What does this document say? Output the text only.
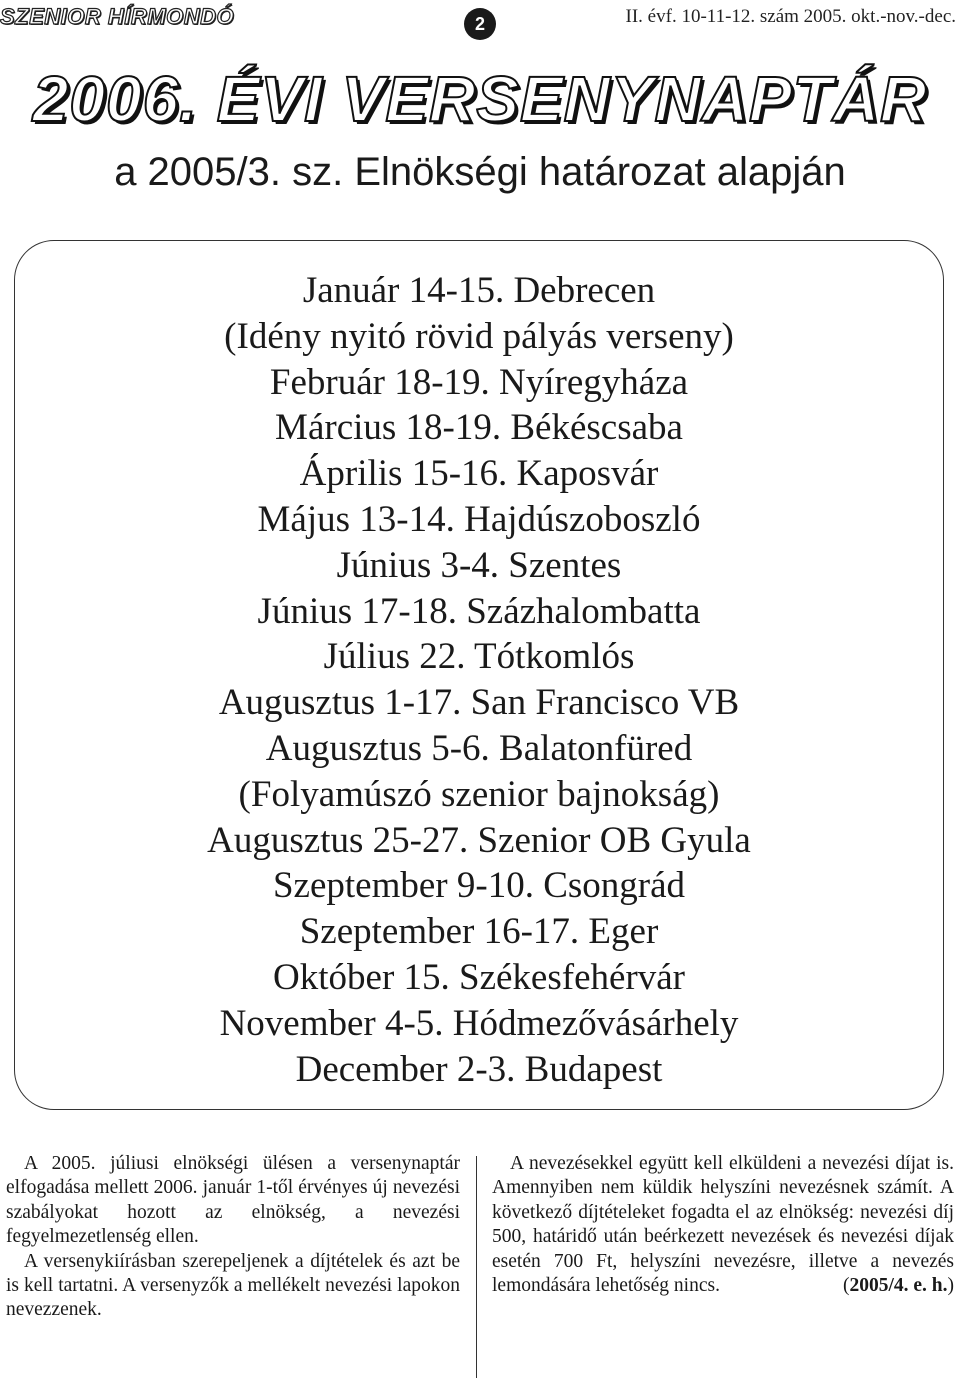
SZENIOR HÍRMONDÓ	2	II. évf. 10-11-12. szám 2005. okt.-nov.-dec.
2006. ÉVI VERSENYNAPTÁR
a 2005/3. sz. Elnökségi határozat alapján
Január 14-15. Debrecen
(Idény nyitó rövid pályás verseny)
Február 18-19. Nyíregyháza
Március 18-19. Békéscsaba
Április 15-16. Kaposvár
Május 13-14. Hajdúszoboszló
Június 3-4. Szentes
Június 17-18. Százhalombatta
Július 22. Tótkomlós
Augusztus 1-17. San Francisco VB
Augusztus 5-6. Balatonfüred
(Folyamúszó szenior bajnokság)
Augusztus 25-27. Szenior OB Gyula
Szeptember 9-10. Csongrád
Szeptember 16-17. Eger
Október 15. Székesfehérvár
November 4-5. Hódmezővásárhely
December 2-3. Budapest

A 2005. júliusi elnökségi ülésen a versenynaptár elfogadása mellett 2006. január 1-től érvényes új nevezési szabályokat hozott az elnökség, a nevezési fegyelmezetlenség ellen.

A versenykiírásban szerepeljenek a díjtételek és azt be is kell tartatni. A versenyzők a mellékelt nevezési lapokon nevezzenek.

A nevezésekkel együtt kell elküldeni a nevezési díjat is. Amennyiben nem küldik helyszíni nevezésnek számít. A következő díjtételeket fogadta el az elnökség: nevezési díj 500, határidő után beérkezett nevezések és nevezési díjak esetén 700 Ft, helyszíni nevezésre, illetve a nevezés lemondására lehetőség nincs.	(2005/4. e. h.)
